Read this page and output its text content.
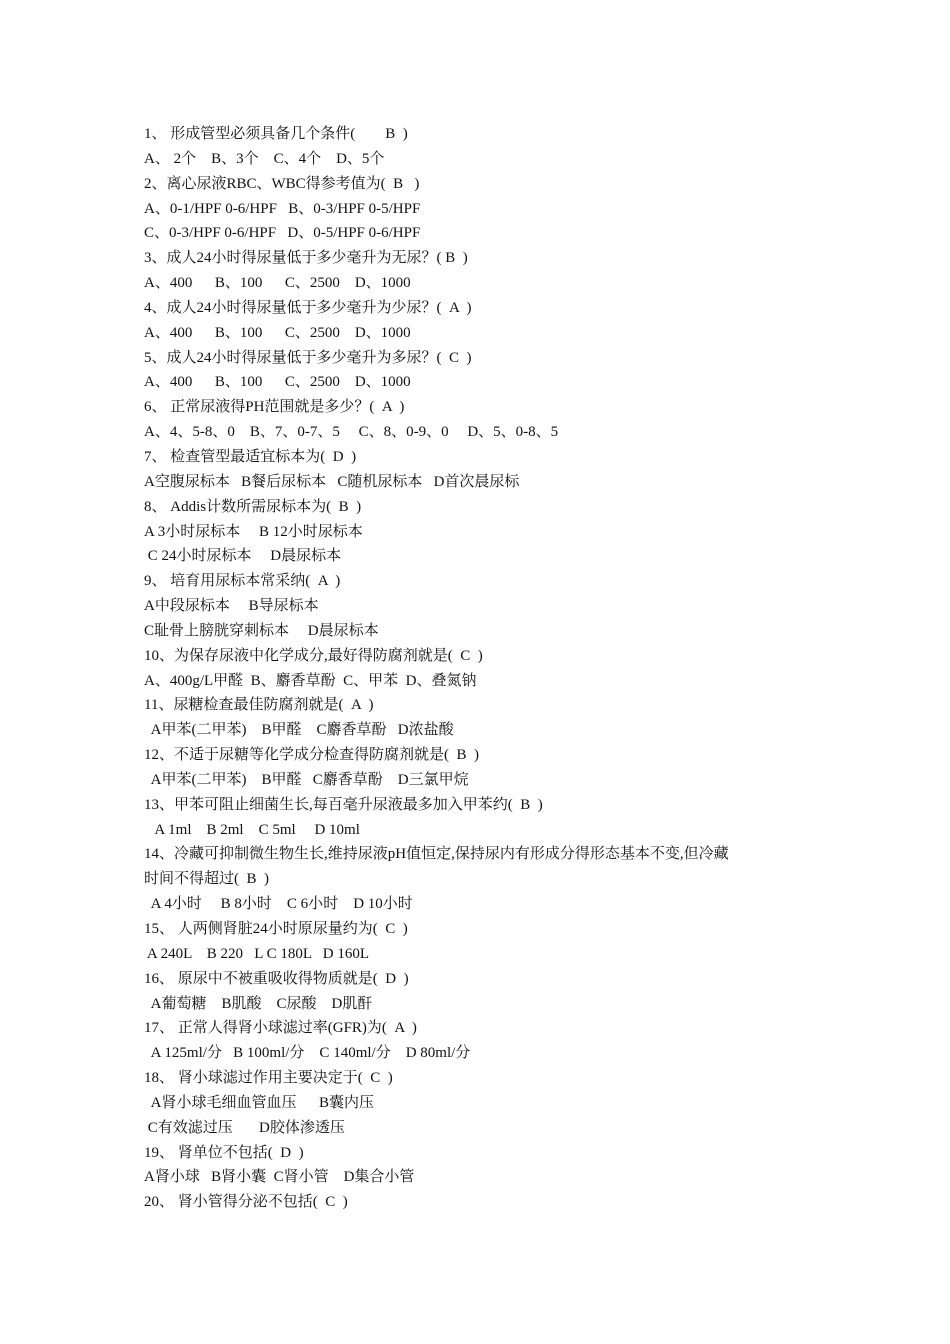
1、 形成管型必须具备几个条件(        B  )
A、 2个    B、3个    C、4个    D、5个
2、离心尿液RBC、WBC得参考值为(  B   )
A、0-1/HPF 0-6/HPF   B、0-3/HPF 0-5/HPF
C、0-3/HPF 0-6/HPF   D、0-5/HPF 0-6/HPF
3、成人24小时得尿量低于多少毫升为无尿？( B  )
A、400      B、100      C、2500    D、1000
4、成人24小时得尿量低于多少毫升为少尿？(  A  )
A、400      B、100      C、2500    D、1000
5、成人24小时得尿量低于多少毫升为多尿？(  C  )
A、400      B、100      C、2500    D、1000
6、 正常尿液得PH范围就是多少？(  A  )
A、4、5-8、0    B、7、0-7、5     C、8、0-9、0     D、5、0-8、5
7、 检查管型最适宜标本为(  D  )
A空腹尿标本   B餐后尿标本   C随机尿标本   D首次晨尿标
8、 Addis计数所需尿标本为(  B  )
A 3小时尿标本     B 12小时尿标本
C 24小时尿标本     D晨尿标本
9、 培育用尿标本常采纳(  A  )
A中段尿标本     B导尿标本
C耻骨上膀胱穿刺标本     D晨尿标本
10、为保存尿液中化学成分,最好得防腐剂就是(  C  )
A、400g/L甲醛  B、麝香草酚  C、甲苯  D、叠氮钠
11、尿糖检查最佳防腐剂就是(  A  )
A甲苯(二甲苯)    B甲醛    C麝香草酚   D浓盐酸
12、不适于尿糖等化学成分检查得防腐剂就是(  B  )
A甲苯(二甲苯)    B甲醛   C麝香草酚    D三氯甲烷
13、甲苯可阻止细菌生长,每百毫升尿液最多加入甲苯约(  B  )
A 1ml    B 2ml    C 5ml     D 10ml
14、冷藏可抑制微生物生长,维持尿液pH值恒定,保持尿内有形成分得形态基本不变,但冷藏
时间不得超过(  B  )
A 4小时     B 8小时    C 6小时    D 10小时
15、 人两侧肾脏24小时原尿量约为(  C  )
A 240L    B 220   L C 180L   D 160L
16、 原尿中不被重吸收得物质就是(  D  )
A葡萄糖    B肌酸    C尿酸    D肌酐
17、 正常人得肾小球滤过率(GFR)为(  A  )
A 125ml/分   B 100ml/分    C 140ml/分    D 80ml/分
18、 肾小球滤过作用主要决定于(  C  )
A肾小球毛细血管血压      B囊内压
C有效滤过压       D胶体渗透压
19、 肾单位不包括(  D  )
A肾小球   B肾小囊  C肾小管    D集合小管
20、 肾小管得分泌不包括(  C  )
